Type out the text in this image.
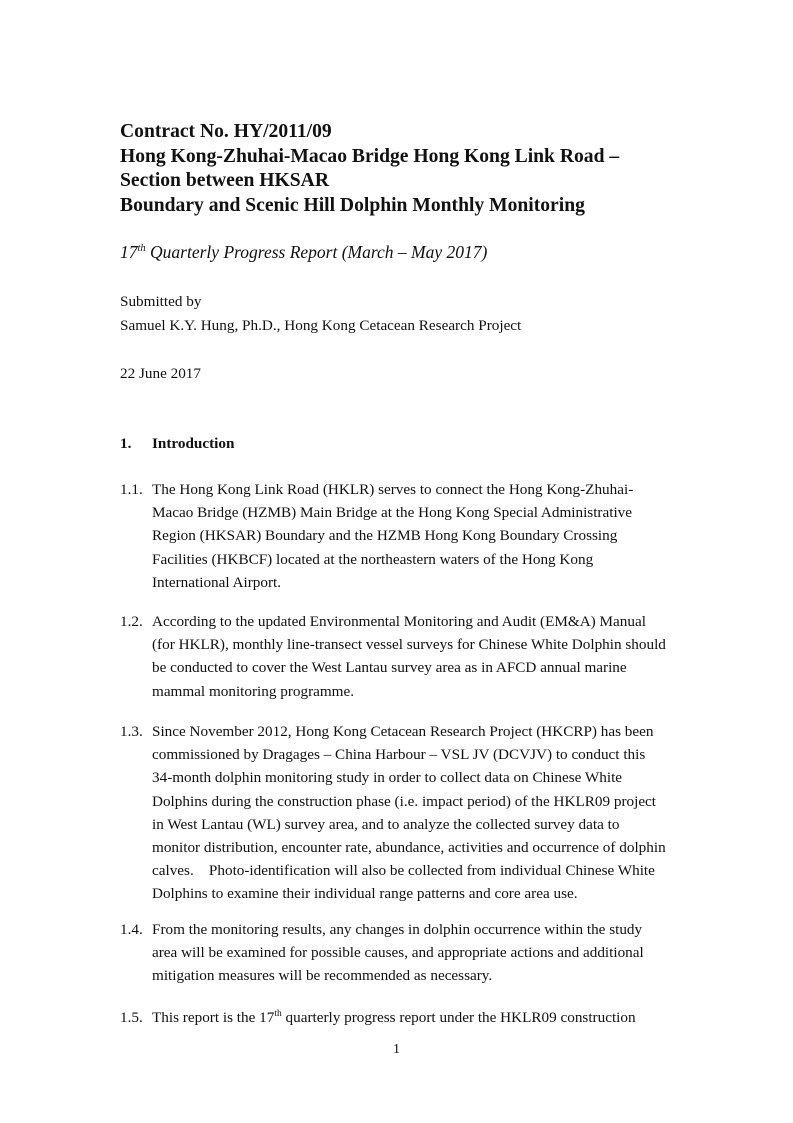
Contract No. HY/2011/09
Hong Kong-Zhuhai-Macao Bridge Hong Kong Link Road –
Section between HKSAR
Boundary and Scenic Hill Dolphin Monthly Monitoring
17th Quarterly Progress Report (March – May 2017)
Submitted by
Samuel K.Y. Hung, Ph.D., Hong Kong Cetacean Research Project
22 June 2017
1. Introduction
1.1. The Hong Kong Link Road (HKLR) serves to connect the Hong Kong-Zhuhai-
Macao Bridge (HZMB) Main Bridge at the Hong Kong Special Administrative
Region (HKSAR) Boundary and the HZMB Hong Kong Boundary Crossing
Facilities (HKBCF) located at the northeastern waters of the Hong Kong
International Airport.
1.2. According to the updated Environmental Monitoring and Audit (EM&A) Manual
(for HKLR), monthly line-transect vessel surveys for Chinese White Dolphin should
be conducted to cover the West Lantau survey area as in AFCD annual marine
mammal monitoring programme.
1.3. Since November 2012, Hong Kong Cetacean Research Project (HKCRP) has been
commissioned by Dragages – China Harbour – VSL JV (DCVJV) to conduct this
34-month dolphin monitoring study in order to collect data on Chinese White
Dolphins during the construction phase (i.e. impact period) of the HKLR09 project
in West Lantau (WL) survey area, and to analyze the collected survey data to
monitor distribution, encounter rate, abundance, activities and occurrence of dolphin
calves.    Photo-identification will also be collected from individual Chinese White
Dolphins to examine their individual range patterns and core area use.
1.4. From the monitoring results, any changes in dolphin occurrence within the study
area will be examined for possible causes, and appropriate actions and additional
mitigation measures will be recommended as necessary.
1.5. This report is the 17th quarterly progress report under the HKLR09 construction
1
